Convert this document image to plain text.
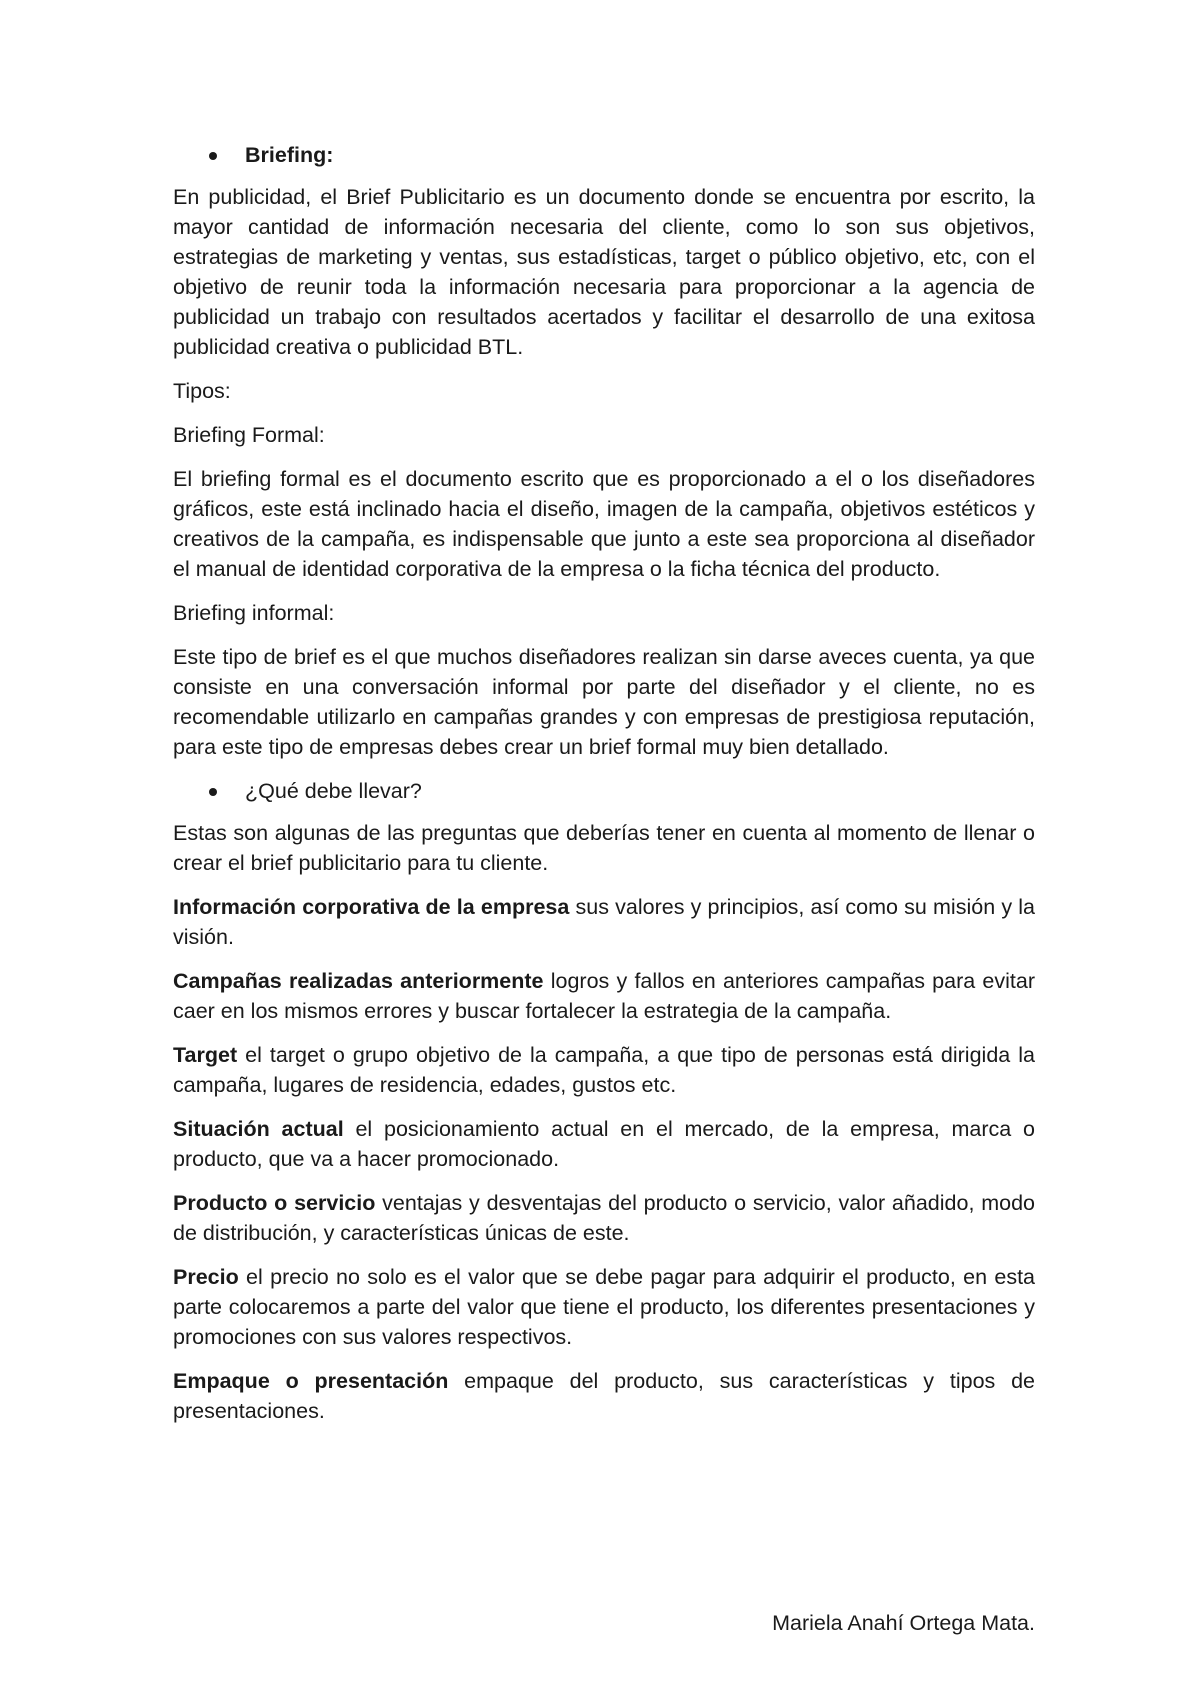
Briefing:

En publicidad, el Brief Publicitario es un documento donde se encuentra por escrito, la mayor cantidad de información necesaria del cliente, como lo son sus objetivos, estrategias de marketing y ventas, sus estadísticas, target o público objetivo, etc, con el objetivo de reunir toda la información necesaria para proporcionar a la agencia de publicidad un trabajo con resultados acertados y facilitar el desarrollo de una exitosa publicidad creativa o publicidad BTL.

Tipos:

Briefing Formal:

El briefing formal es el documento escrito que es proporcionado a el o los diseñadores gráficos, este está inclinado hacia el diseño, imagen de la campaña, objetivos estéticos y creativos de la campaña, es indispensable que junto a este sea proporciona al diseñador el manual de identidad corporativa de la empresa o la ficha técnica del producto.

Briefing informal:

Este tipo de brief es el que muchos diseñadores realizan sin darse aveces cuenta, ya que consiste en una conversación informal por parte del diseñador y el cliente, no es recomendable utilizarlo en campañas grandes y con empresas de prestigiosa reputación, para este tipo de empresas debes crear un brief formal muy bien detallado.

¿Qué debe llevar?

Estas son algunas de las preguntas que deberías tener en cuenta al momento de llenar o crear el brief publicitario para tu cliente.

Información corporativa de la empresa sus valores y principios, así como su misión y la visión.

Campañas realizadas anteriormente logros y fallos en anteriores campañas para evitar caer en los mismos errores y buscar fortalecer la estrategia de la campaña.

Target el target o grupo objetivo de la campaña, a que tipo de personas está dirigida la campaña, lugares de residencia, edades, gustos etc.

Situación actual el posicionamiento actual en el mercado, de la empresa, marca o producto, que va a hacer promocionado.

Producto o servicio ventajas y desventajas del producto o servicio, valor añadido, modo de distribución, y características únicas de este.

Precio el precio no solo es el valor que se debe pagar para adquirir el producto, en esta parte colocaremos a parte del valor que tiene el producto, los diferentes presentaciones y promociones con sus valores respectivos.

Empaque o presentación empaque del producto, sus características y tipos de presentaciones.

Mariela Anahí Ortega Mata.
